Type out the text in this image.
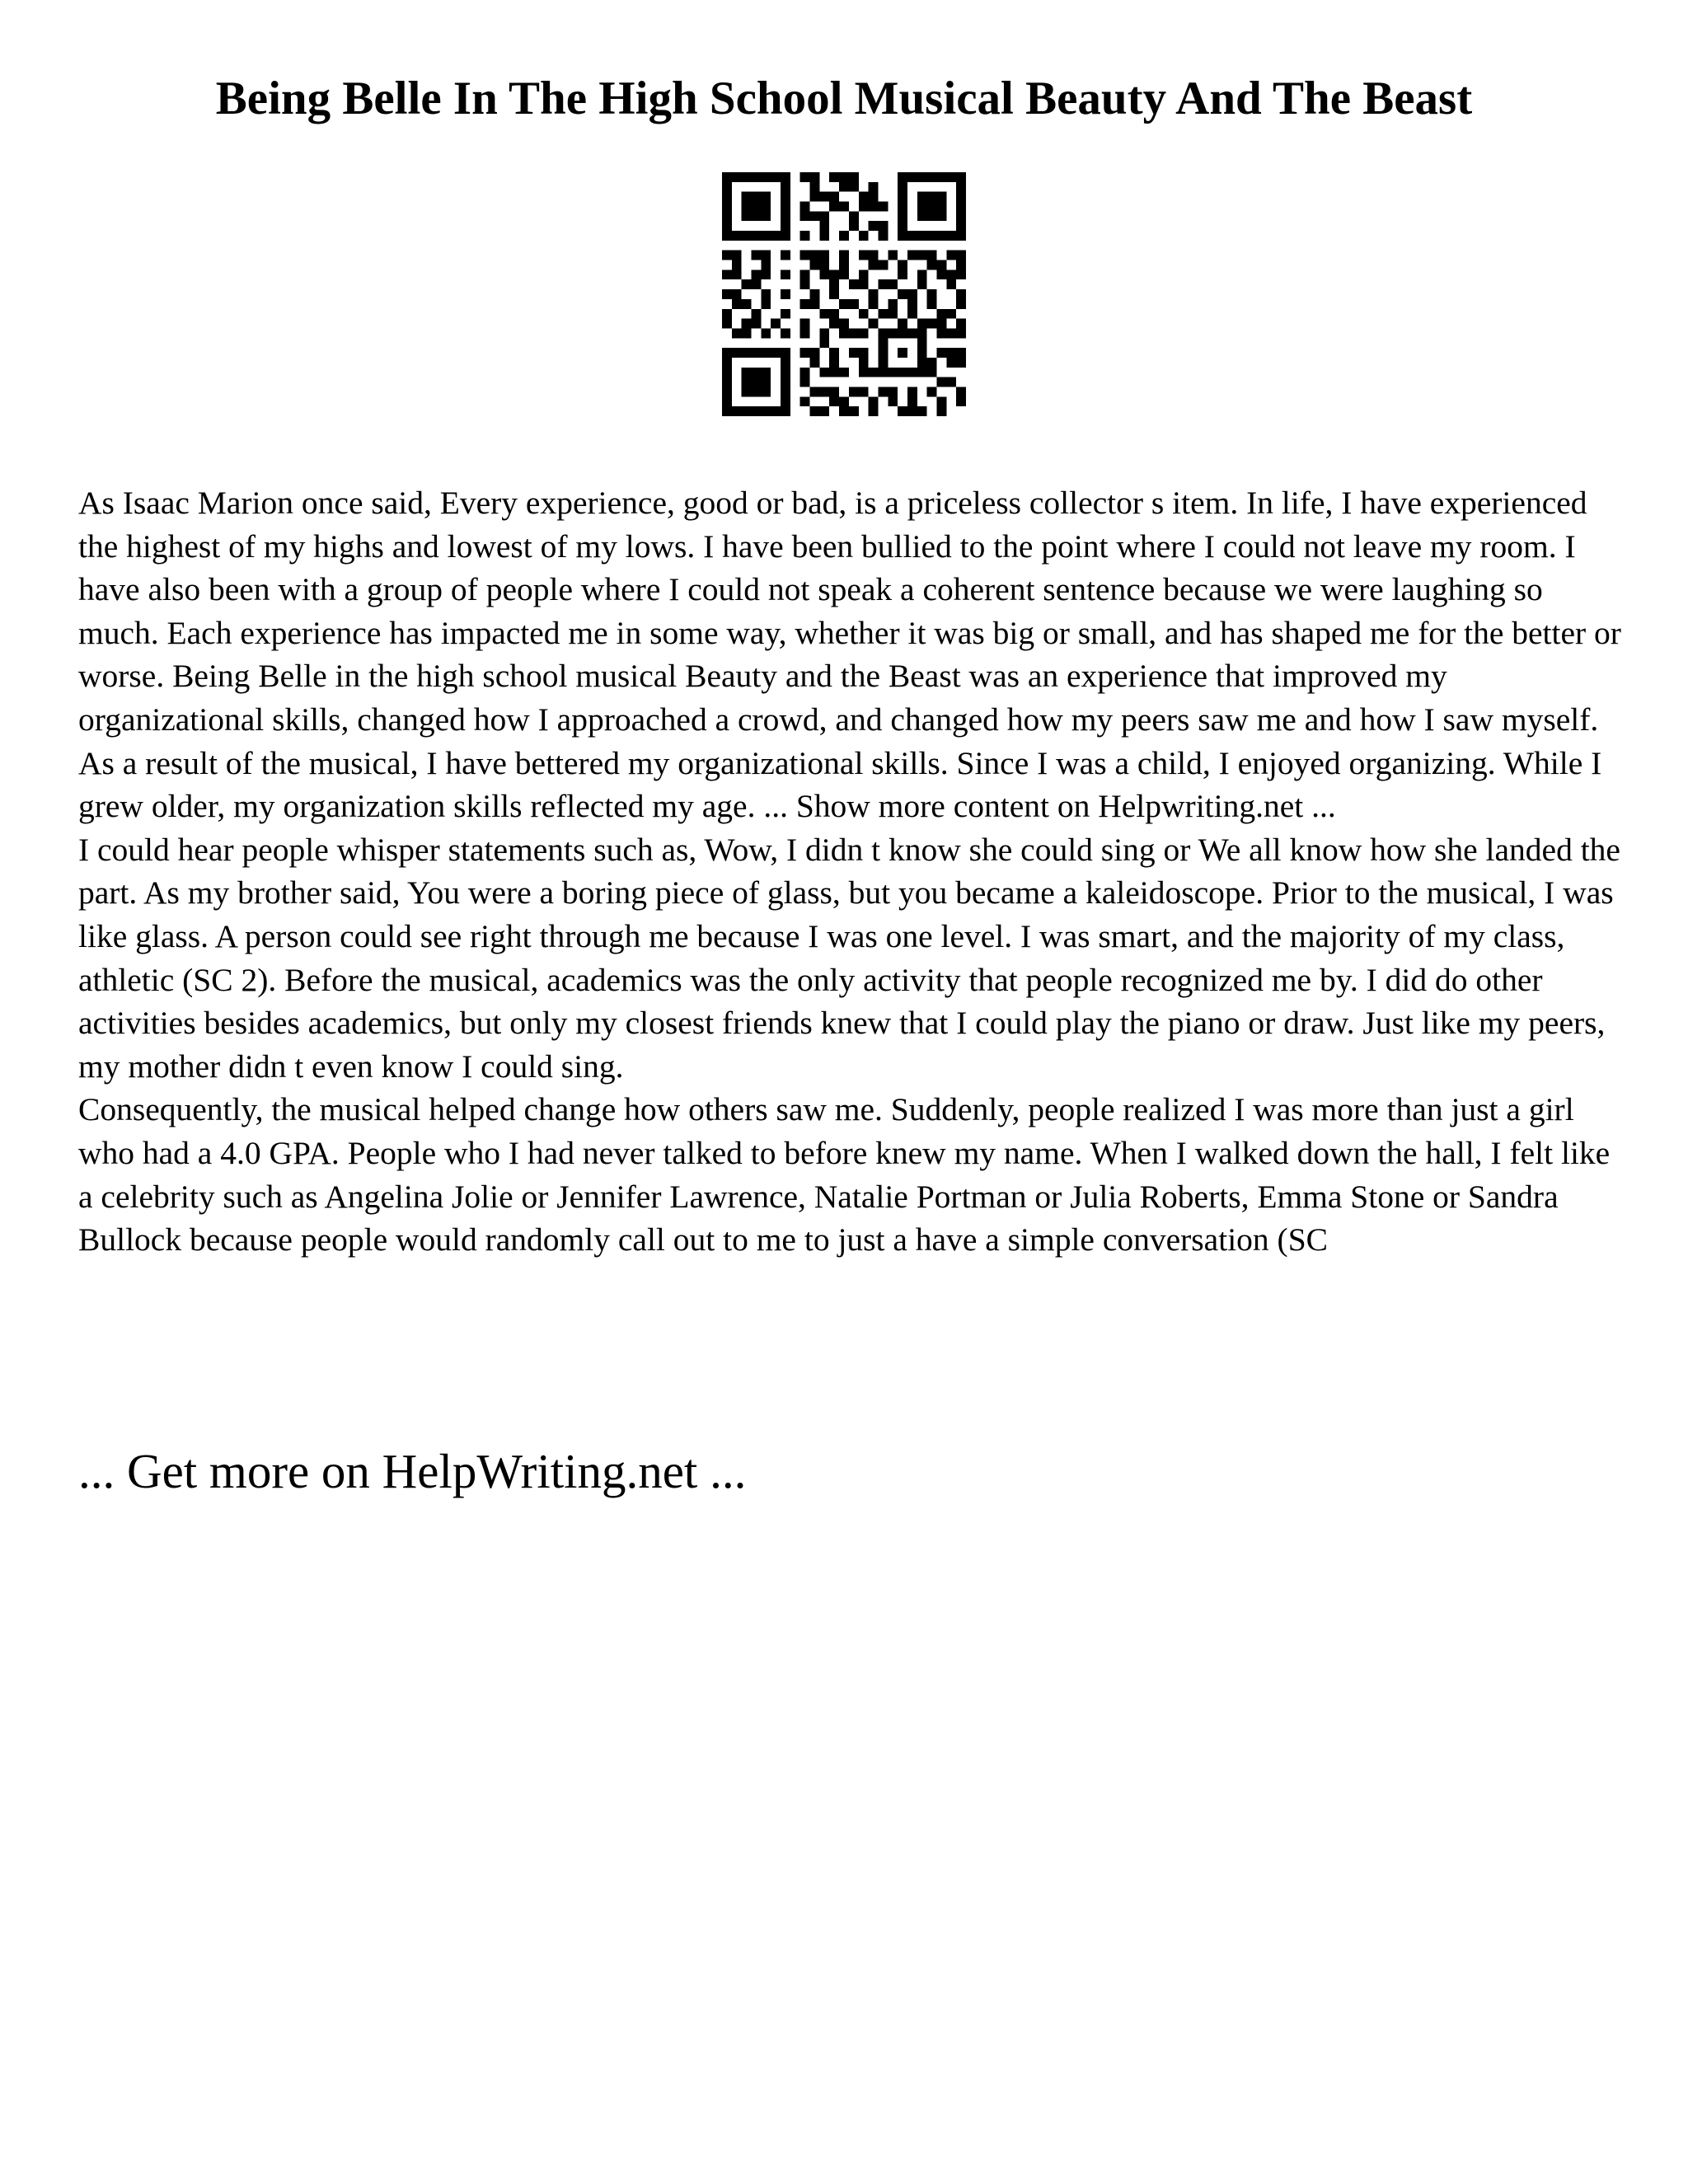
Being Belle In The High School Musical Beauty And The Beast

As Isaac Marion once said, Every experience, good or bad, is a priceless collector s item. In life, I have experienced the highest of my highs and lowest of my lows. I have been bullied to the point where I could not leave my room. I have also been with a group of people where I could not speak a coherent sentence because we were laughing so much. Each experience has impacted me in some way, whether it was big or small, and has shaped me for the better or worse. Being Belle in the high school musical Beauty and the Beast was an experience that improved my organizational skills, changed how I approached a crowd, and changed how my peers saw me and how I saw myself. As a result of the musical, I have bettered my organizational skills. Since I was a child, I enjoyed organizing. While I grew older, my organization skills reflected my age. ... Show more content on Helpwriting.net ...

I could hear people whisper statements such as, Wow, I didn t know she could sing or We all know how she landed the part. As my brother said, You were a boring piece of glass, but you became a kaleidoscope. Prior to the musical, I was like glass. A person could see right through me because I was one level. I was smart, and the majority of my class, athletic (SC 2). Before the musical, academics was the only activity that people recognized me by. I did do other activities besides academics, but only my closest friends knew that I could play the piano or draw. Just like my peers, my mother didn t even know I could sing.

Consequently, the musical helped change how others saw me. Suddenly, people realized I was more than just a girl who had a 4.0 GPA. People who I had never talked to before knew my name. When I walked down the hall, I felt like a celebrity such as Angelina Jolie or Jennifer Lawrence, Natalie Portman or Julia Roberts, Emma Stone or Sandra Bullock because people would randomly call out to me to just a have a simple conversation (SC

... Get more on HelpWriting.net ...
